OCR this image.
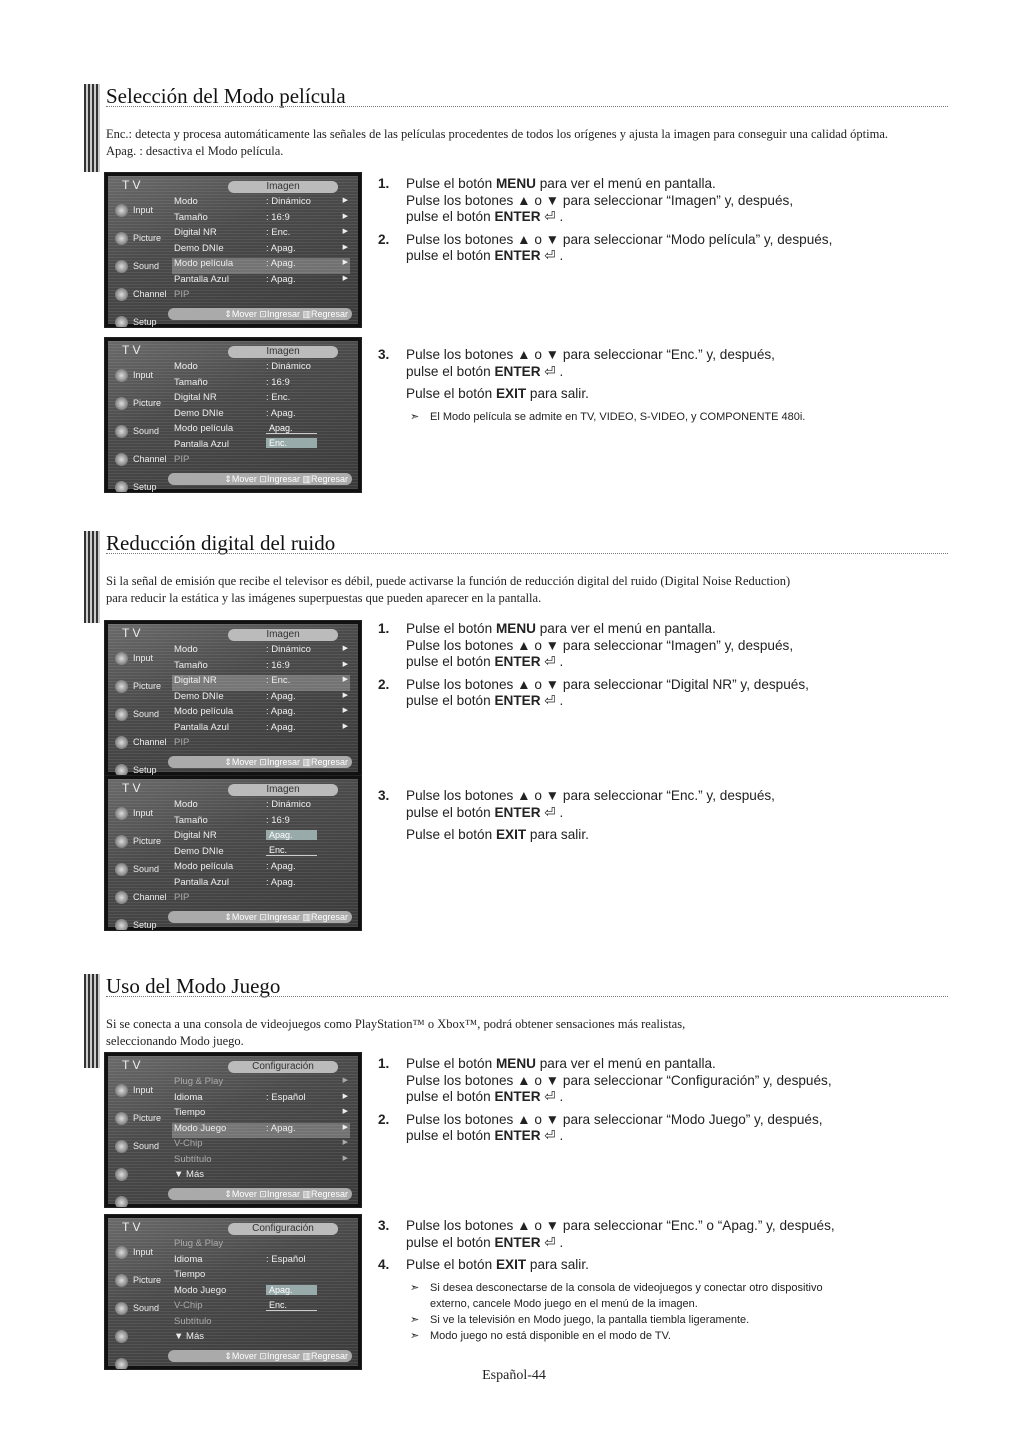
Selección del Modo película
Enc.: detecta y procesa automáticamente las señales de las películas procedentes de todos los orígenes y ajusta la imagen para conseguir una calidad óptima.
Apag. : desactiva el Modo película.
T V	Imagen
Input
Picture
Sound
Channel
Setup
Modo	: Dinámico	▶
Tamaño	: 16:9	▶
Digital NR	: Enc.	▶
Demo DNIe	: Apag.	▶
Modo película	: Apag.	▶
Pantalla Azul	: Apag.	▶
PIP
⇕Mover ⊡Ingresar ▥Regresar
T V	Imagen
Input
Picture
Sound
Channel
Setup
Modo	: Dinámico
Tamaño	: 16:9
Digital NR	: Enc.
Demo DNIe	: Apag.
Modo película
Pantalla Azul
PIP
Apag.
Enc.
⇕Mover ⊡Ingresar ▥Regresar
1. Pulse el botón MENU para ver el menú en pantalla.
Pulse los botones ▲ o ▼ para seleccionar “Imagen” y, después,
pulse el botón ENTER ⏎ .
2. Pulse los botones ▲ o ▼ para seleccionar “Modo película” y, después,
pulse el botón ENTER ⏎ .
3. Pulse los botones ▲ o ▼ para seleccionar “Enc.” y, después,
pulse el botón ENTER ⏎ .
Pulse el botón EXIT para salir.
➣ El Modo película se admite en TV, VIDEO, S-VIDEO, y COMPONENTE 480i.
Reducción digital del ruido
Si la señal de emisión que recibe el televisor es débil, puede activarse la función de reducción digital del ruido (Digital Noise Reduction)
para reducir la estática y las imágenes superpuestas que pueden aparecer en la pantalla.
T V	Imagen
Input
Picture
Sound
Channel
Setup
Modo	: Dinámico	▶
Tamaño	: 16:9	▶
Digital NR	: Enc.	▶
Demo DNIe	: Apag.	▶
Modo película	: Apag.	▶
Pantalla Azul	: Apag.	▶
PIP
⇕Mover ⊡Ingresar ▥Regresar
T V	Imagen
Input
Picture
Sound
Channel
Setup
Modo	: Dinámico
Tamaño	: 16:9
Digital NR
Demo DNIe
Modo película	: Apag.
Pantalla Azul	: Apag.
PIP
Apag.
Enc.
⇕Mover ⊡Ingresar ▥Regresar
1. Pulse el botón MENU para ver el menú en pantalla.
Pulse los botones ▲ o ▼ para seleccionar “Imagen” y, después,
pulse el botón ENTER ⏎ .
2. Pulse los botones ▲ o ▼ para seleccionar “Digital NR” y, después,
pulse el botón ENTER ⏎ .
3. Pulse los botones ▲ o ▼ para seleccionar “Enc.” y, después,
pulse el botón ENTER ⏎ .
Pulse el botón EXIT para salir.
Uso del Modo Juego
Si se conecta a una consola de videojuegos como PlayStation™ o Xbox™, podrá obtener sensaciones más realistas,
seleccionando Modo juego.
T V	Configuración
Input
Picture
Sound
Plug & Play	▶
Idioma	: Español	▶
Tiempo	▶
Modo Juego	: Apag.	▶
V-Chip	▶
Subtítulo	▶
▼ Más
⇕Mover ⊡Ingresar ▥Regresar
T V	Configuración
Input
Picture
Sound
Plug & Play
Idioma	: Español
Tiempo
Modo Juego
V-Chip
Subtítulo
▼ Más
Apag.
Enc.
⇕Mover ⊡Ingresar ▥Regresar
1. Pulse el botón MENU para ver el menú en pantalla.
Pulse los botones ▲ o ▼ para seleccionar “Configuración” y, después,
pulse el botón ENTER ⏎ .
2. Pulse los botones ▲ o ▼ para seleccionar “Modo Juego” y, después,
pulse el botón ENTER ⏎ .
3. Pulse los botones ▲ o ▼ para seleccionar “Enc.” o “Apag.” y, después,
pulse el botón ENTER ⏎ .
4. Pulse el botón EXIT para salir.
➣ Si desea desconectarse de la consola de videojuegos y conectar otro dispositivo
externo, cancele Modo juego en el menú de la imagen.
➣ Si ve la televisión en Modo juego, la pantalla tiembla ligeramente.
➣ Modo juego no está disponible en el modo de TV.
Español-44
